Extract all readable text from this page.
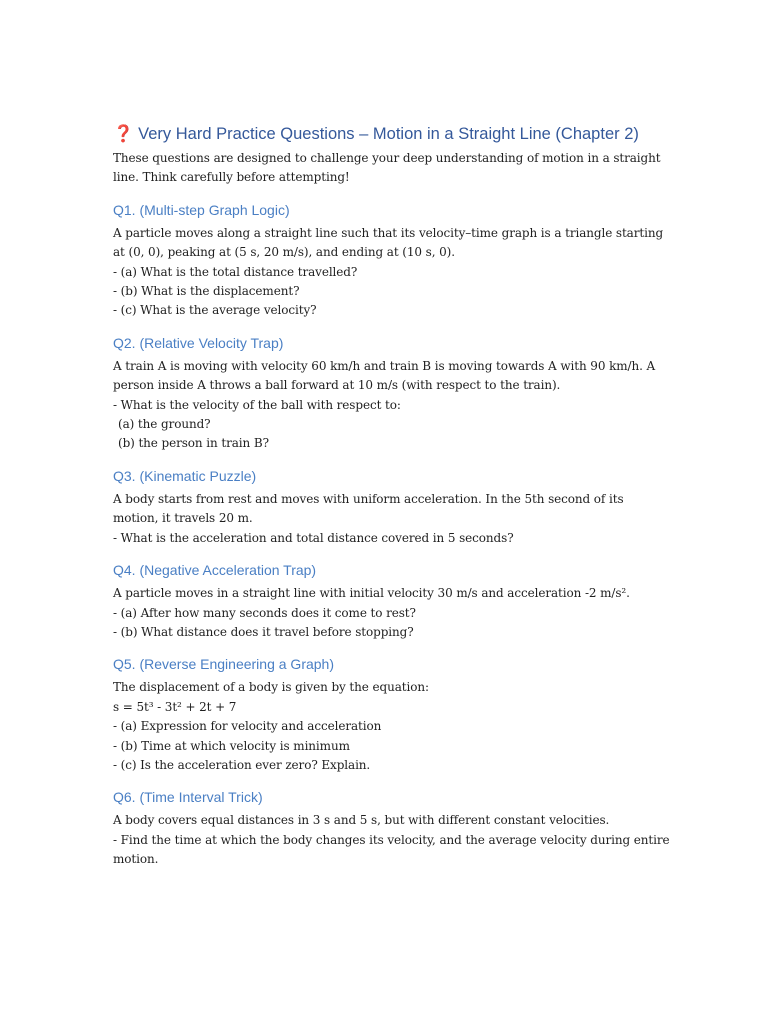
❓ Very Hard Practice Questions – Motion in a Straight Line (Chapter 2)

These questions are designed to challenge your deep understanding of motion in a straight
line. Think carefully before attempting!

Q1. (Multi-step Graph Logic)

A particle moves along a straight line such that its velocity–time graph is a triangle starting
at (0, 0), peaking at (5 s, 20 m/s), and ending at (10 s, 0).
- (a) What is the total distance travelled?
- (b) What is the displacement?
- (c) What is the average velocity?

Q2. (Relative Velocity Trap)

A train A is moving with velocity 60 km/h and train B is moving towards A with 90 km/h. A
person inside A throws a ball forward at 10 m/s (with respect to the train).
- What is the velocity of the ball with respect to:
(a) the ground?
(b) the person in train B?

Q3. (Kinematic Puzzle)

A body starts from rest and moves with uniform acceleration. In the 5th second of its
motion, it travels 20 m.
- What is the acceleration and total distance covered in 5 seconds?

Q4. (Negative Acceleration Trap)

A particle moves in a straight line with initial velocity 30 m/s and acceleration -2 m/s².
- (a) After how many seconds does it come to rest?
- (b) What distance does it travel before stopping?

Q5. (Reverse Engineering a Graph)

The displacement of a body is given by the equation:
s = 5t³ - 3t² + 2t + 7
- (a) Expression for velocity and acceleration
- (b) Time at which velocity is minimum
- (c) Is the acceleration ever zero? Explain.

Q6. (Time Interval Trick)

A body covers equal distances in 3 s and 5 s, but with different constant velocities.
- Find the time at which the body changes its velocity, and the average velocity during entire
motion.
